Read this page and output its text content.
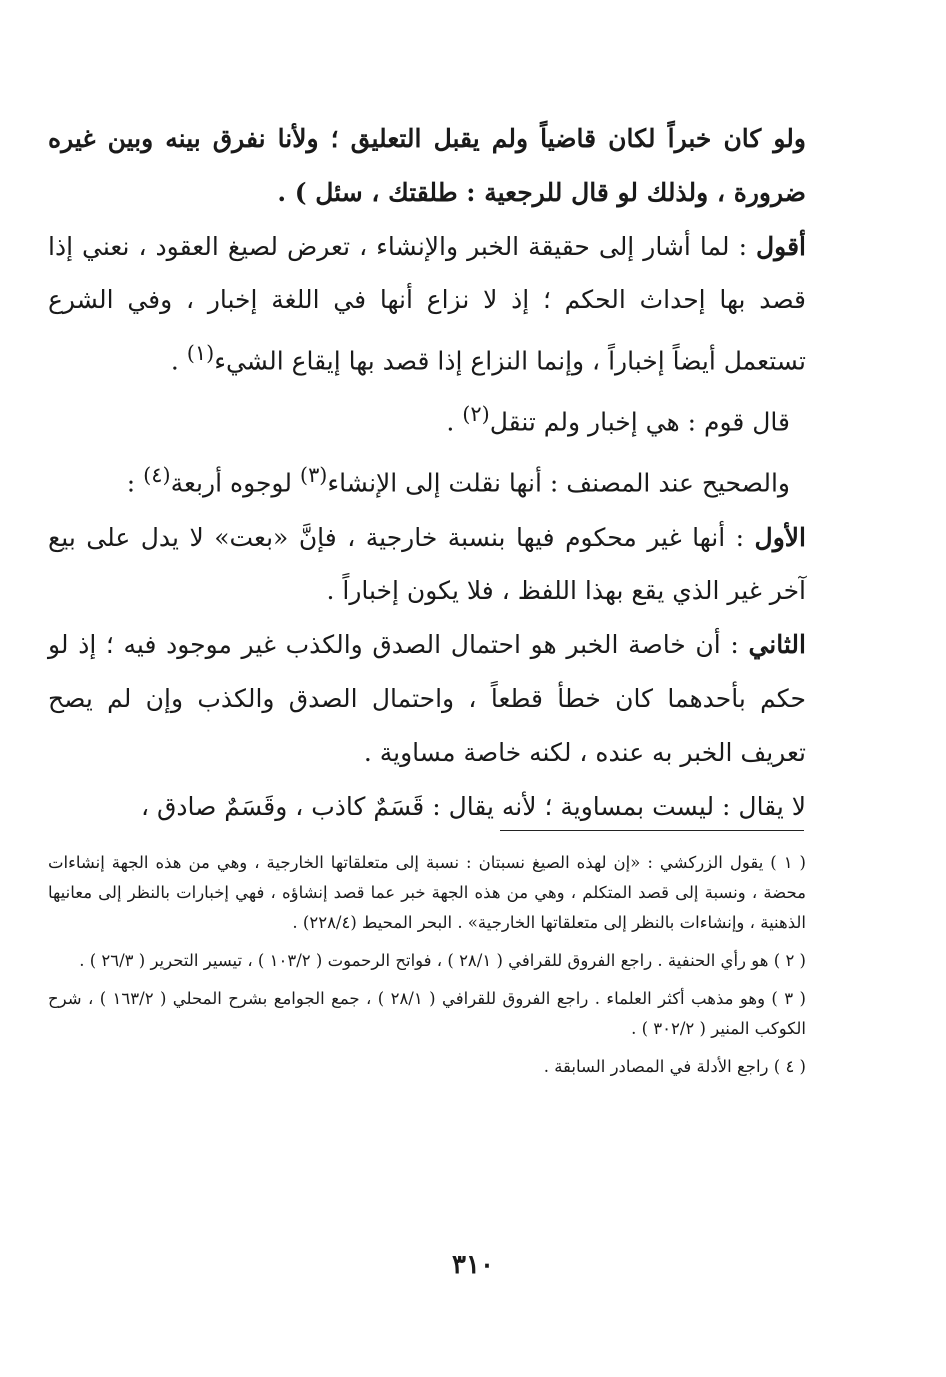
ولو كان خبراً لكان قاضياً ولم يقبل التعليق ؛ ولأنا نفرق بينه وبين غيره ضرورة ، ولذلك لو قال للرجعية : طلقتك ، سئل ) .

أقول : لما أشار إلى حقيقة الخبر والإنشاء ، تعرض لصيغ العقود ، نعني إذا قصد بها إحداث الحكم ؛ إذ لا نزاع أنها في اللغة إخبار ، وفي الشرع تستعمل أيضاً إخباراً ، وإنما النزاع إذا قصد بها إيقاع الشيء$^{(١)}$ .

قال قوم : هي إخبار ولم تنقل$^{(٢)}$ .

والصحيح عند المصنف : أنها نقلت إلى الإنشاء$^{(٣)}$ لوجوه أربعة$^{(٤)}$ :

الأول : أنها غير محكوم فيها بنسبة خارجية ، فإنَّ «بعت» لا يدل على بيع آخر غير الذي يقع بهذا اللفظ ، فلا يكون إخباراً .

الثاني : أن خاصة الخبر هو احتمال الصدق والكذب غير موجود فيه ؛ إذ لو حكم بأحدهما كان خطأ قطعاً ، واحتمال الصدق والكذب وإن لم يصح تعريف الخبر به عنده ، لكنه خاصة مساوية .

لا يقال : ليست بمساوية ؛ لأنه يقال : قَسَمٌ كاذب ، وقَسَمٌ صادق ،

( ١ ) يقول الزركشي : «إن لهذه الصيغ نسبتان : نسبة إلى متعلقاتها الخارجية ، وهي من هذه الجهة إنشاءات محضة ، ونسبة إلى قصد المتكلم ، وهي من هذه الجهة خبر عما قصد إنشاؤه ، فهي إخبارات بالنظر إلى معانيها الذهنية ، وإنشاءات بالنظر إلى متعلقاتها الخارجية» . البحر المحيط (٢٢٨/٤) .

( ٢ ) هو رأي الحنفية . راجع الفروق للقرافي ( ٢٨/١ ) ، فواتح الرحموت ( ١٠٣/٢ ) ، تيسير التحرير ( ٢٦/٣ ) .

( ٣ ) وهو مذهب أكثر العلماء . راجع الفروق للقرافي ( ٢٨/١ ) ، جمع الجوامع بشرح المحلي ( ١٦٣/٢ ) ، شرح الكوكب المنير ( ٣٠٢/٢ ) .

( ٤ ) راجع الأدلة في المصادر السابقة .

٣١٠
